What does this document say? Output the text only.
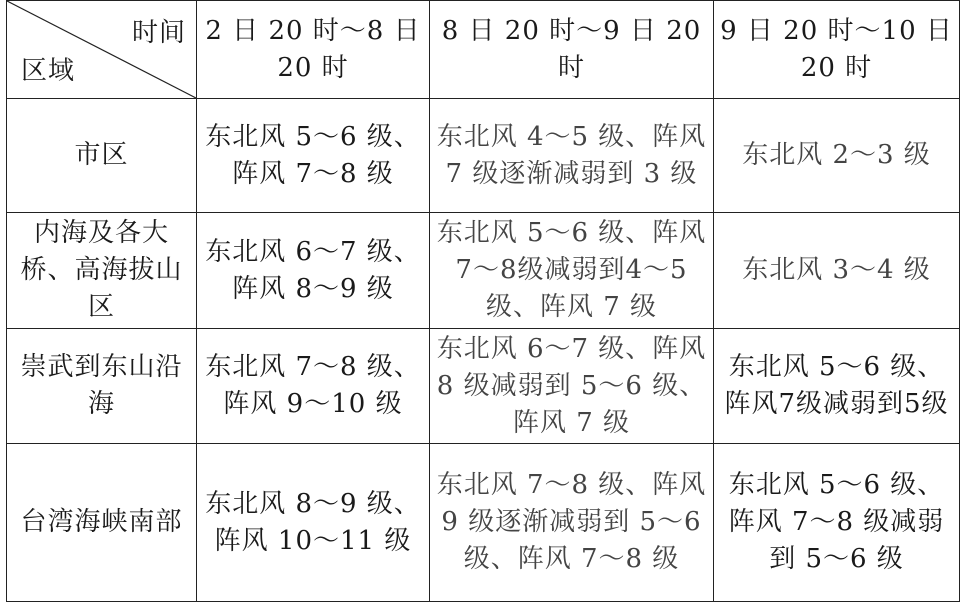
时间
区域	2 日 20 时～8 日 20 时	8 日 20 时～9 日 20 时	9 日 20 时～10 日 20 时
市区	东北风 5～6 级、阵风 7～8 级	东北风 4～5 级、阵风 7 级逐渐减弱到 3 级	东北风 2～3 级
内海及各大桥、高海拔山区	东北风 6～7 级、阵风 8～9 级	东北风 5～6 级、阵风7～8级减弱到4～5 级、阵风 7 级	东北风 3～4 级
崇武到东山沿海	东北风 7～8 级、阵风 9～10 级	东北风 6～7 级、阵风 8 级减弱到 5～6 级、阵风 7 级	东北风 5～6 级、阵风7级减弱到5级
台湾海峡南部	东北风 8～9 级、阵风 10～11 级	东北风 7～8 级、阵风 9 级逐渐减弱到 5～6 级、阵风 7～8 级	东北风 5～6 级、阵风 7～8 级减弱到 5～6 级
